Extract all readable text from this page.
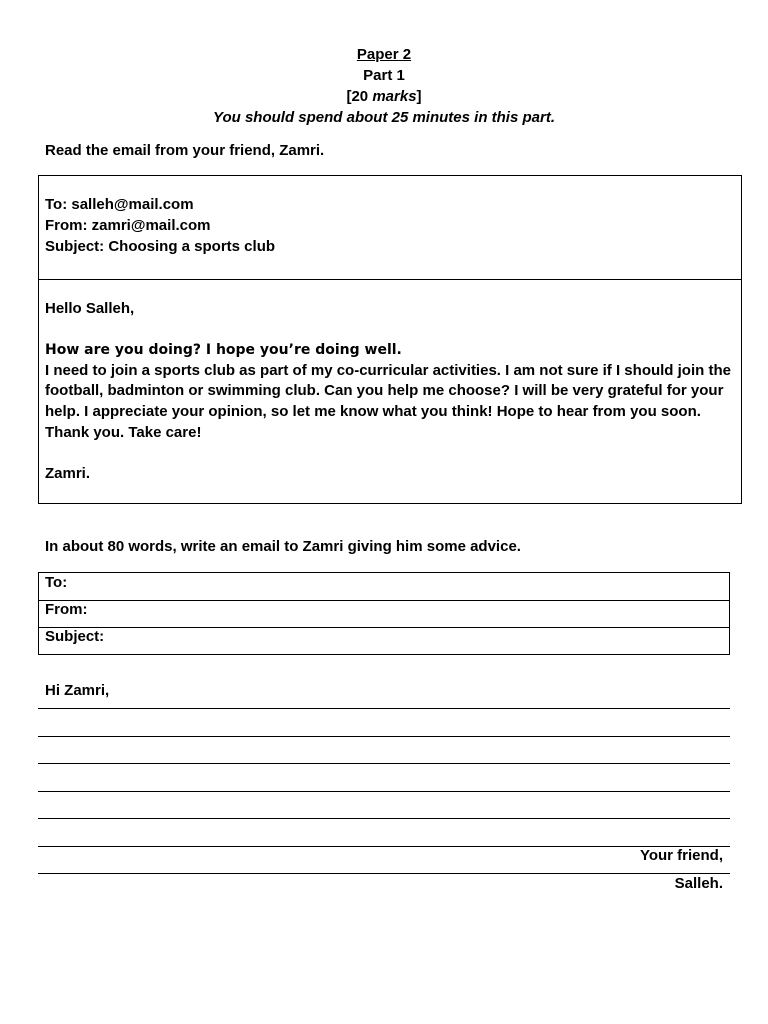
Paper 2
Part 1
[20 marks]
You should spend about 25 minutes in this part.
Read the email from your friend, Zamri.
To: salleh@mail.com
From: zamri@mail.com
Subject: Choosing a sports club
Hello Salleh,
How are you doing? I hope you’re doing well.
I need to join a sports club as part of my co-curricular activities. I am not sure if I should join the
football, badminton or swimming club. Can you help me choose? I will be very grateful for your
help. I appreciate your opinion, so let me know what you think! Hope to hear from you soon.
Thank you. Take care!
Zamri.
In about 80 words, write an email to Zamri giving him some advice.
To:
From:
Subject:
Hi Zamri,
Your friend,
Salleh.
